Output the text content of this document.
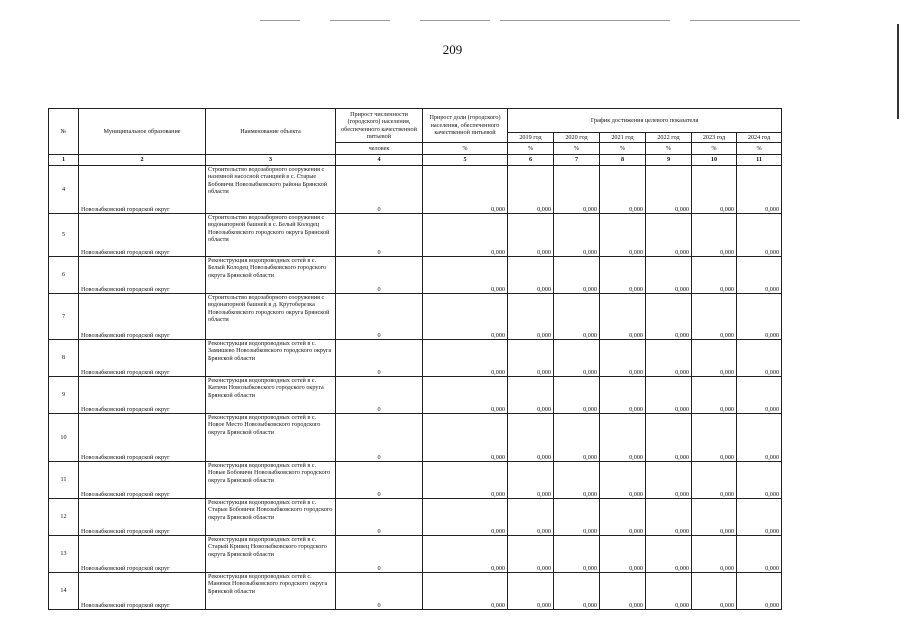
209
№	Муниципальное образование	Наименование объекта	Прирост численности (городского) населения, обеспеченного качественной питьевой	Прирост доли (городского) населения, обеспеченного качественной питьевой	График достижения целевого показателя					
					2019 год	2020 год	2021 год	2022 год	2023 год	2024 год
			человек	%	%	%	%	%	%	%
1	2	3	4	5	6	7	8	9	10	11
4	Новозыбковский городской округ	Строительство водозаборного сооружения с наземной насосной станцией в с. Старые Бобовичи Новозыбковского района Брянской области	0	0,000	0,000	0,000	0,000	0,000	0,000	0,000
5	Новозыбковский городской округ	Строительство водозаборного сооружения с водонапорной башней в с. Белый Колодец Новозыбковского городского округа Брянской области	0	0,000	0,000	0,000	0,000	0,000	0,000	0,000
6	Новозыбковский городской округ	Реконструкция водопроводных сетей в с. Белый Колодец Новозыбковского городского округа Брянской области	0	0,000	0,000	0,000	0,000	0,000	0,000	0,000
7	Новозыбковский городской округ	Строительство водозаборного сооружения с водонапорной башней в д. Крутоберезка Новозыбковского городского округа Брянской области	0	0,000	0,000	0,000	0,000	0,000	0,000	0,000
8	Новозыбковский городской округ	Реконструкция водопроводных сетей в с. Замишево Новозыбковского городского округа Брянской области	0	0,000	0,000	0,000	0,000	0,000	0,000	0,000
9	Новозыбковский городской округ	Реконструкция водопроводных сетей в с. Катичи Новозыбковского городского округа Брянской области	0	0,000	0,000	0,000	0,000	0,000	0,000	0,000
10	Новозыбковский городской округ	Реконструкция водопроводных сетей в с. Новое Место Новозыбковского городского округа Брянской области	0	0,000	0,000	0,000	0,000	0,000	0,000	0,000
11	Новозыбковский городской округ	Реконструкция водопроводных сетей в с. Новые Бобовичи Новозыбковского городского округа Брянской области	0	0,000	0,000	0,000	0,000	0,000	0,000	0,000
12	Новозыбковский городской округ	Реконструкция водопроводных сетей в с. Старые Бобовичи Новозыбковского городского округа Брянской области	0	0,000	0,000	0,000	0,000	0,000	0,000	0,000
13	Новозыбковский городской округ	Реконструкция водопроводных сетей в с. Старый Кривец Новозыбковского городского округа Брянской области	0	0,000	0,000	0,000	0,000	0,000	0,000	0,000
14	Новозыбковский городской округ	Реконструкция водопроводных сетей с. Манюки Новозыбковского городского округа Брянской области	0	0,000	0,000	0,000	0,000	0,000	0,000	0,000
